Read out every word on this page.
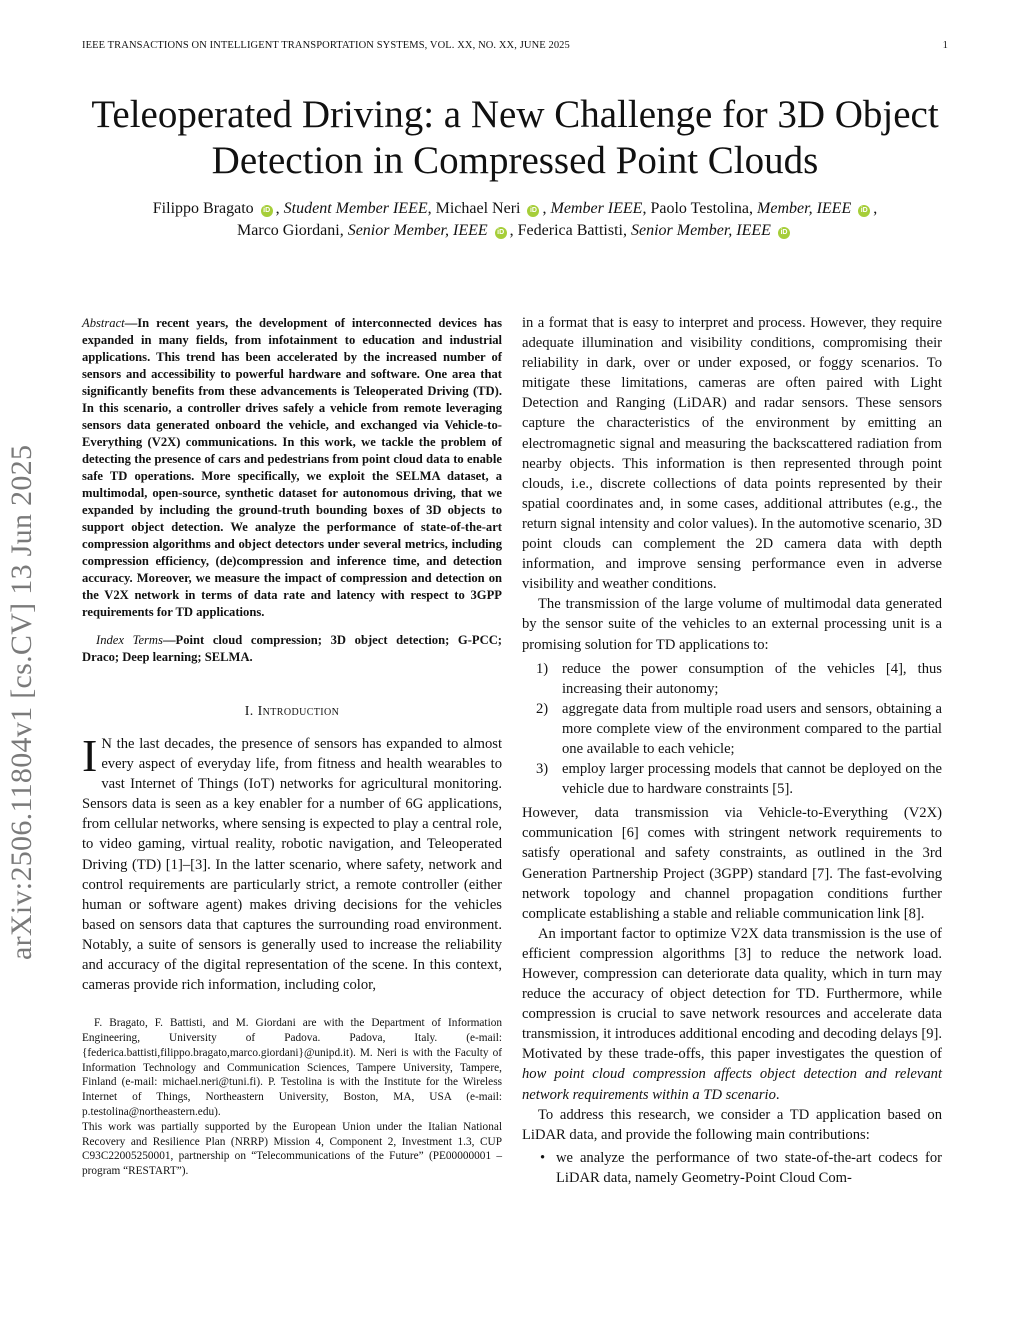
IEEE TRANSACTIONS ON INTELLIGENT TRANSPORTATION SYSTEMS, VOL. XX, NO. XX, JUNE 2025	1
Teleoperated Driving: a New Challenge for 3D Object Detection in Compressed Point Clouds
Filippo Bragato iD , Student Member IEEE, Michael Neri iD , Member IEEE, Paolo Testolina, Member, IEEE iD ,
Marco Giordani, Senior Member, IEEE iD , Federica Battisti, Senior Member, IEEE iD
arXiv:2506.11804v1 [cs.CV] 13 Jun 2025
Abstract—In recent years, the development of interconnected devices has expanded in many fields, from infotainment to education and industrial applications. This trend has been accelerated by the increased number of sensors and accessibility to powerful hardware and software. One area that significantly benefits from these advancements is Teleoperated Driving (TD). In this scenario, a controller drives safely a vehicle from remote leveraging sensors data generated onboard the vehicle, and exchanged via Vehicle-to-Everything (V2X) communications. In this work, we tackle the problem of detecting the presence of cars and pedestrians from point cloud data to enable safe TD operations. More specifically, we exploit the SELMA dataset, a multimodal, open-source, synthetic dataset for autonomous driving, that we expanded by including the ground-truth bounding boxes of 3D objects to support object detection. We analyze the performance of state-of-the-art compression algorithms and object detectors under several metrics, including compression efficiency, (de)compression and inference time, and detection accuracy. Moreover, we measure the impact of compression and detection on the V2X network in terms of data rate and latency with respect to 3GPP requirements for TD applications.
Index Terms—Point cloud compression; 3D object detection; G-PCC; Draco; Deep learning; SELMA.
I. Introduction
I N the last decades, the presence of sensors has expanded to almost every aspect of everyday life, from fitness and health wearables to vast Internet of Things (IoT) networks for agricultural monitoring. Sensors data is seen as a key enabler for a number of 6G applications, from cellular networks, where sensing is expected to play a central role, to video gaming, virtual reality, robotic navigation, and Teleoperated Driving (TD) [1]–[3]. In the latter scenario, where safety, network and control requirements are particularly strict, a remote controller (either human or software agent) makes driving decisions for the vehicles based on sensors data that captures the surrounding road environment. Notably, a suite of sensors is generally used to increase the reliability and accuracy of the digital representation of the scene. In this context, cameras provide rich information, including color,

F. Bragato, F. Battisti, and M. Giordani are with the Department of Information Engineering, University of Padova. Padova, Italy. (e-mail: {federica.battisti,filippo.bragato,marco.giordani}@unipd.it). M. Neri is with the Faculty of Information Technology and Communication Sciences, Tampere University, Tampere, Finland (e-mail: michael.neri@tuni.fi). P. Testolina is with the Institute for the Wireless Internet of Things, Northeastern University, Boston, MA, USA (e-mail: p.testolina@northeastern.edu).

This work was partially supported by the European Union under the Italian National Recovery and Resilience Plan (NRRP) Mission 4, Component 2, Investment 1.3, CUP C93C22005250001, partnership on “Telecommunications of the Future” (PE00000001 – program “RESTART”).

in a format that is easy to interpret and process. However, they require adequate illumination and visibility conditions, compromising their reliability in dark, over or under exposed, or foggy scenarios. To mitigate these limitations, cameras are often paired with Light Detection and Ranging (LiDAR) and radar sensors. These sensors capture the characteristics of the environment by emitting an electromagnetic signal and measuring the backscattered radiation from nearby objects. This information is then represented through point clouds, i.e., discrete collections of data points represented by their spatial coordinates and, in some cases, additional attributes (e.g., the return signal intensity and color values). In the automotive scenario, 3D point clouds can complement the 2D camera data with depth information, and improve sensing performance even in adverse visibility and weather conditions.

The transmission of the large volume of multimodal data generated by the sensor suite of the vehicles to an external processing unit is a promising solution for TD applications to:

1) reduce the power consumption of the vehicles [4], thus increasing their autonomy;
2) aggregate data from multiple road users and sensors, obtaining a more complete view of the environment compared to the partial one available to each vehicle;
3) employ larger processing models that cannot be deployed on the vehicle due to hardware constraints [5].

However, data transmission via Vehicle-to-Everything (V2X) communication [6] comes with stringent network requirements to satisfy operational and safety constraints, as outlined in the 3rd Generation Partnership Project (3GPP) standard [7]. The fast-evolving network topology and channel propagation conditions further complicate establishing a stable and reliable communication link [8].

An important factor to optimize V2X data transmission is the use of efficient compression algorithms [3] to reduce the network load. However, compression can deteriorate data quality, which in turn may reduce the accuracy of object detection for TD. Furthermore, while compression is crucial to save network resources and accelerate data transmission, it introduces additional encoding and decoding delays [9]. Motivated by these trade-offs, this paper investigates the question of how point cloud compression affects object detection and relevant network requirements within a TD scenario.

To address this research, we consider a TD application based on LiDAR data, and provide the following main contributions:

• we analyze the performance of two state-of-the-art codecs for LiDAR data, namely Geometry-Point Cloud Com-
